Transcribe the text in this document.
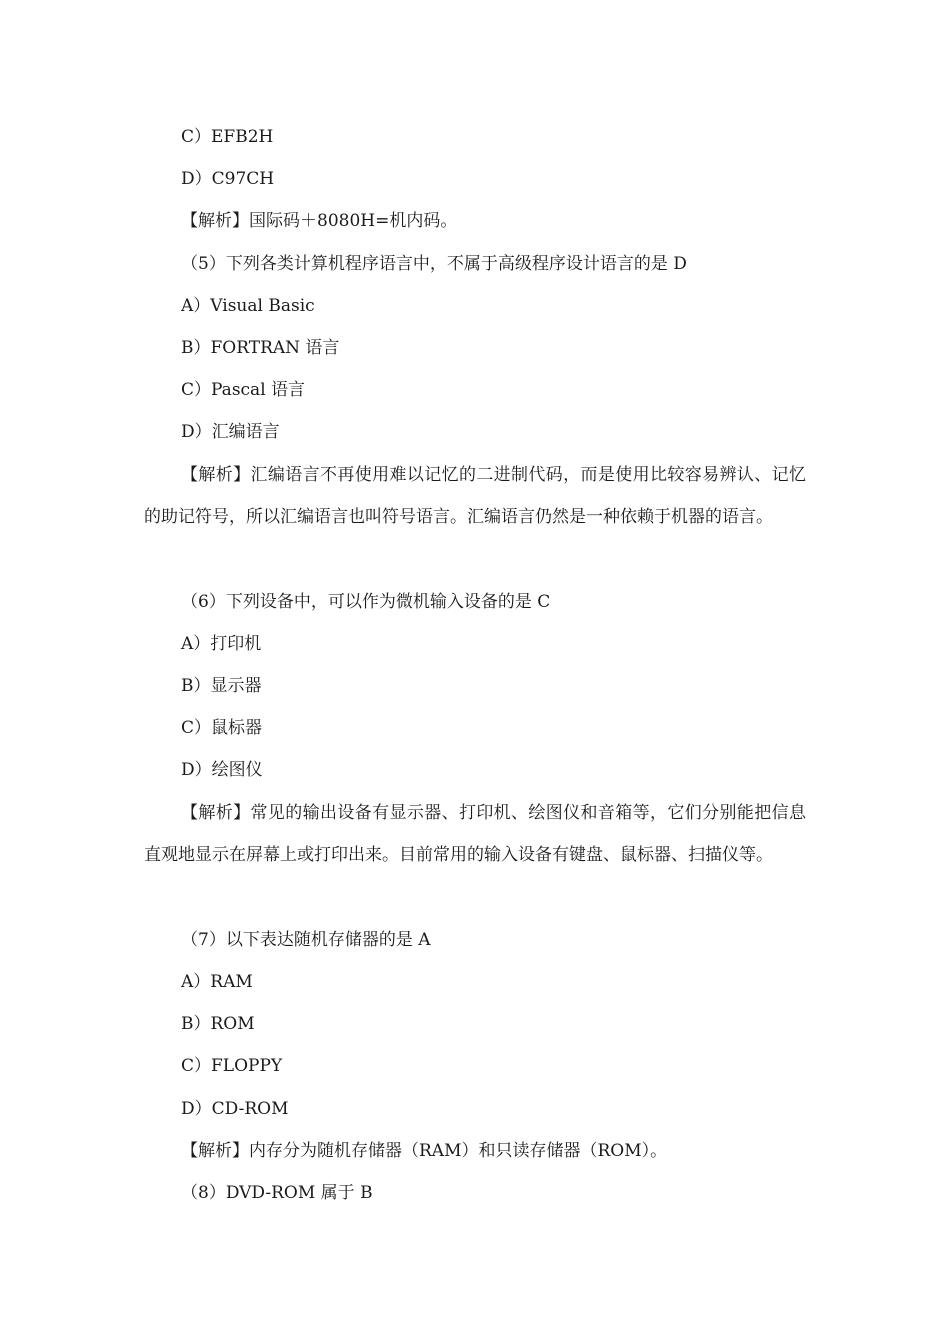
C）EFB2H
D）C97CH
【解析】国际码＋8080H=机内码。
（5）下列各类计算机程序语言中，不属于高级程序设计语言的是 D
A）Visual Basic
B）FORTRAN 语言
C）Pascal 语言
D）汇编语言
【解析】汇编语言不再使用难以记忆的二进制代码，而是使用比较容易辨认、记忆的助记符号，所以汇编语言也叫符号语言。汇编语言仍然是一种依赖于机器的语言。
（6）下列设备中，可以作为微机输入设备的是 C
A）打印机
B）显示器
C）鼠标器
D）绘图仪
【解析】常见的输出设备有显示器、打印机、绘图仪和音箱等，它们分别能把信息直观地显示在屏幕上或打印出来。目前常用的输入设备有键盘、鼠标器、扫描仪等。
（7）以下表达随机存储器的是 A
A）RAM
B）ROM
C）FLOPPY
D）CD-ROM
【解析】内存分为随机存储器（RAM）和只读存储器（ROM）。
（8）DVD-ROM 属于 B
